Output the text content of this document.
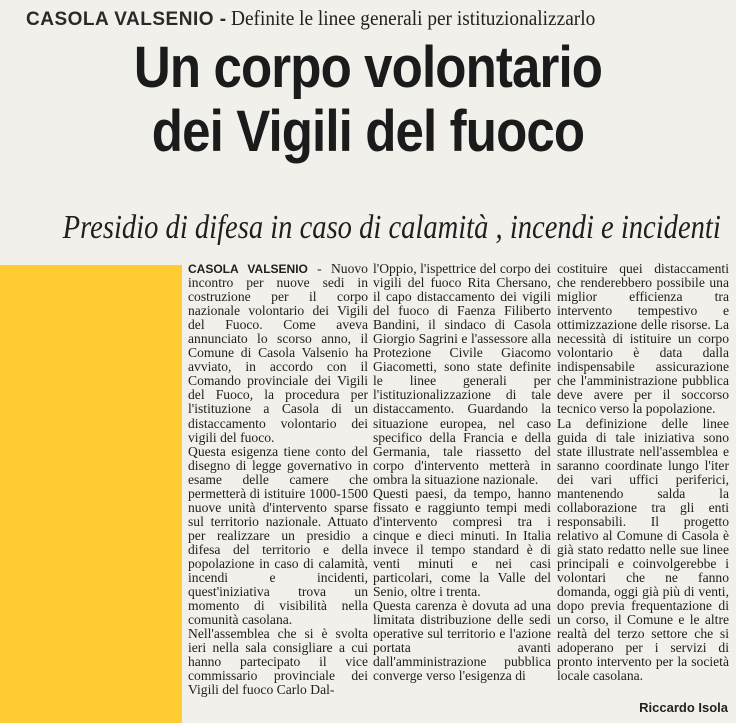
CASOLA VALSENIO - Definite le linee generali per istituzionalizzarlo
Un corpo volontario
dei Vigili del fuoco
Presidio di difesa in caso di calamità , incendi e incidenti

CASOLA VALSENIO - Nuovo incontro per nuove sedi in costruzione per il corpo nazionale volontario dei Vigili del Fuoco. Come aveva annunciato lo scorso anno, il Comune di Casola Valsenio ha avviato, in accordo con il Comando provinciale dei Vigili del Fuoco, la procedura per l'istituzione a Casola di un distaccamento volontario dei vigili del fuoco.

Questa esigenza tiene conto del disegno di legge governativo in esame delle camere che permetterà di istituire 1000-1500 nuove unità d'intervento sparse sul territorio nazionale. Attuato per realizzare un presidio a difesa del territorio e della popolazione in caso di calamità, incendi e incidenti, quest'iniziativa trova un momento di visibilità nella comunità casolana.

Nell'assemblea che si è svolta ieri nella sala consigliare a cui hanno partecipato il vice commissario provinciale dei Vigili del fuoco Carlo Dal-

l'Oppio, l'ispettrice del corpo dei vigili del fuoco Rita Chersano, il capo distaccamento dei vigili del fuoco di Faenza Filiberto Bandini, il sindaco di Casola Giorgio Sagrini e l'assessore alla Protezione Civile Giacomo Giacometti, sono state definite le linee generali per l'istituzionalizzazione di tale distaccamento. Guardando la situazione europea, nel caso specifico della Francia e della Germania, tale riassetto del corpo d'intervento metterà in ombra la situazione nazionale.

Questi paesi, da tempo, hanno fissato e raggiunto tempi medi d'intervento compresi tra i cinque e dieci minuti. In Italia invece il tempo standard è di venti minuti e nei casi particolari, come la Valle del Senio, oltre i trenta.

Questa carenza è dovuta ad una limitata distribuzione delle sedi operative sul territorio e l'azione portata avanti dall'amministrazione pubblica converge verso l'esigenza di

costituire quei distaccamenti che renderebbero possibile una miglior efficienza tra intervento tempestivo e ottimizzazione delle risorse. La necessità di istituire un corpo volontario è data dalla indispensabile assicurazione che l'amministrazione pubblica deve avere per il soccorso tecnico verso la popolazione.

La definizione delle linee guida di tale iniziativa sono state illustrate nell'assemblea e saranno coordinate lungo l'iter dei vari uffici periferici, mantenendo salda la collaborazione tra gli enti responsabili. Il progetto relativo al Comune di Casola è già stato redatto nelle sue linee principali e coinvolgerebbe i volontari che ne fanno domanda, oggi già più di venti, dopo previa frequentazione di un corso, il Comune e le altre realtà del terzo settore che si adoperano per i servizi di pronto intervento per la società locale casolana.

Riccardo Isola
